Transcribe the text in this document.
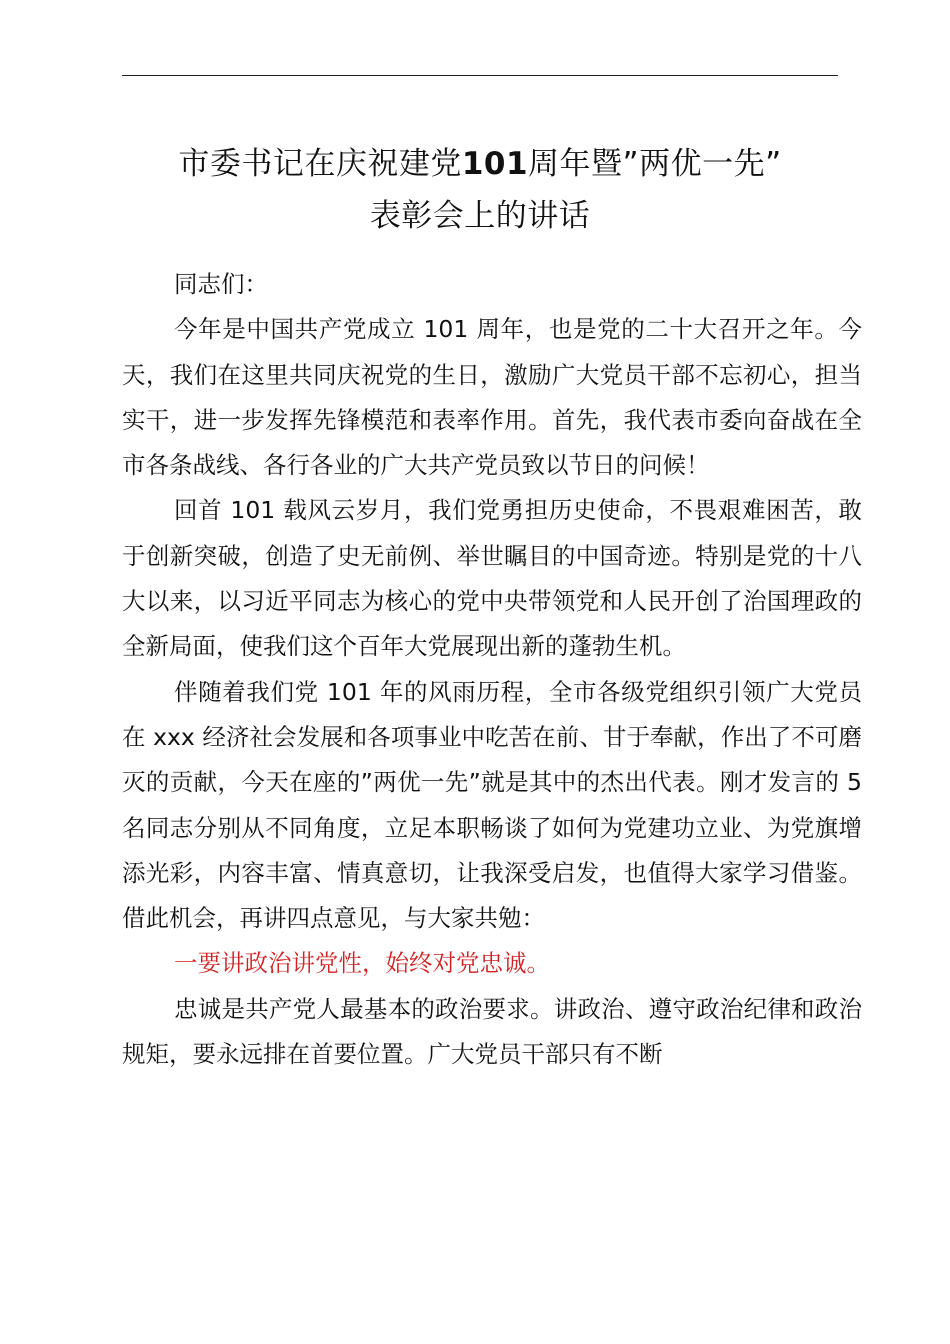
市委书记在庆祝建党101周年暨”两优一先”
表彰会上的讲话

同志们：

今年是中国共产党成立 101 周年，也是党的二十大召开之年。今天，我们在这里共同庆祝党的生日，激励广大党员干部不忘初心，担当实干，进一步发挥先锋模范和表率作用。首先，我代表市委向奋战在全市各条战线、各行各业的广大共产党员致以节日的问候！

回首 101 载风云岁月，我们党勇担历史使命，不畏艰难困苦，敢于创新突破，创造了史无前例、举世瞩目的中国奇迹。特别是党的十八大以来，以习近平同志为核心的党中央带领党和人民开创了治国理政的全新局面，使我们这个百年大党展现出新的蓬勃生机。

伴随着我们党 101 年的风雨历程，全市各级党组织引领广大党员在 xxx 经济社会发展和各项事业中吃苦在前、甘于奉献，作出了不可磨灭的贡献，今天在座的”两优一先”就是其中的杰出代表。刚才发言的 5 名同志分别从不同角度，立足本职畅谈了如何为党建功立业、为党旗增添光彩，内容丰富、情真意切，让我深受启发，也值得大家学习借鉴。借此机会，再讲四点意见，与大家共勉：

一要讲政治讲党性，始终对党忠诚。

忠诚是共产党人最基本的政治要求。讲政治、遵守政治纪律和政治规矩，要永远排在首要位置。广大党员干部只有不断
